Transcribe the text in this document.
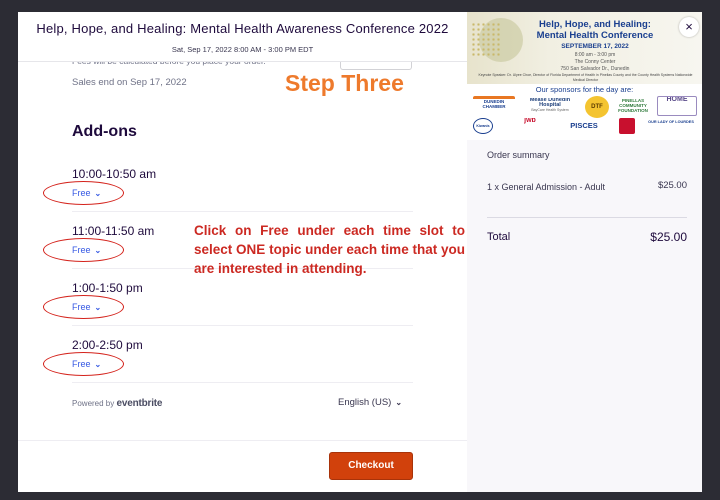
Help, Hope, and Healing: Mental Health Awareness Conference 2022
Sat, Sep 17, 2022 8:00 AM - 3:00 PM EDT
Sales end on Sep 17, 2022	Step Three
Add-ons
10:00-10:50 am
Free ⌄
11:00-11:50 am
Free ⌄
1:00-1:50 pm
Free ⌄
2:00-2:50 pm
Free ⌄
Click on Free under each time slot to select ONE topic under each time that you are interested in attending.
Powered by eventbrite	English (US) ⌄
Checkout
Help, Hope, and Healing:
Mental Health Conference
SEPTEMBER 17, 2022
8:00 am - 3:00 pm
The Conny Center
750 San Salvador Dr., Dunedin
Keynote Speaker: Dr. Ulyee Choe, Director of Florida Department of Health in Pinellas County and the County Health Systems Nationwide Medical Director
Our sponsors for the day are:
DUNEDIN CHAMBER
Mease Dunedin Hospital
BayCare Health System	DTF
PINELLAS COMMUNITY FOUNDATION
HOME
Kiwanis
jwb
PISCES	OUR LADY OF LOURDES
×
Order summary
1 x General Admission - Adult	$25.00
Total	$25.00
